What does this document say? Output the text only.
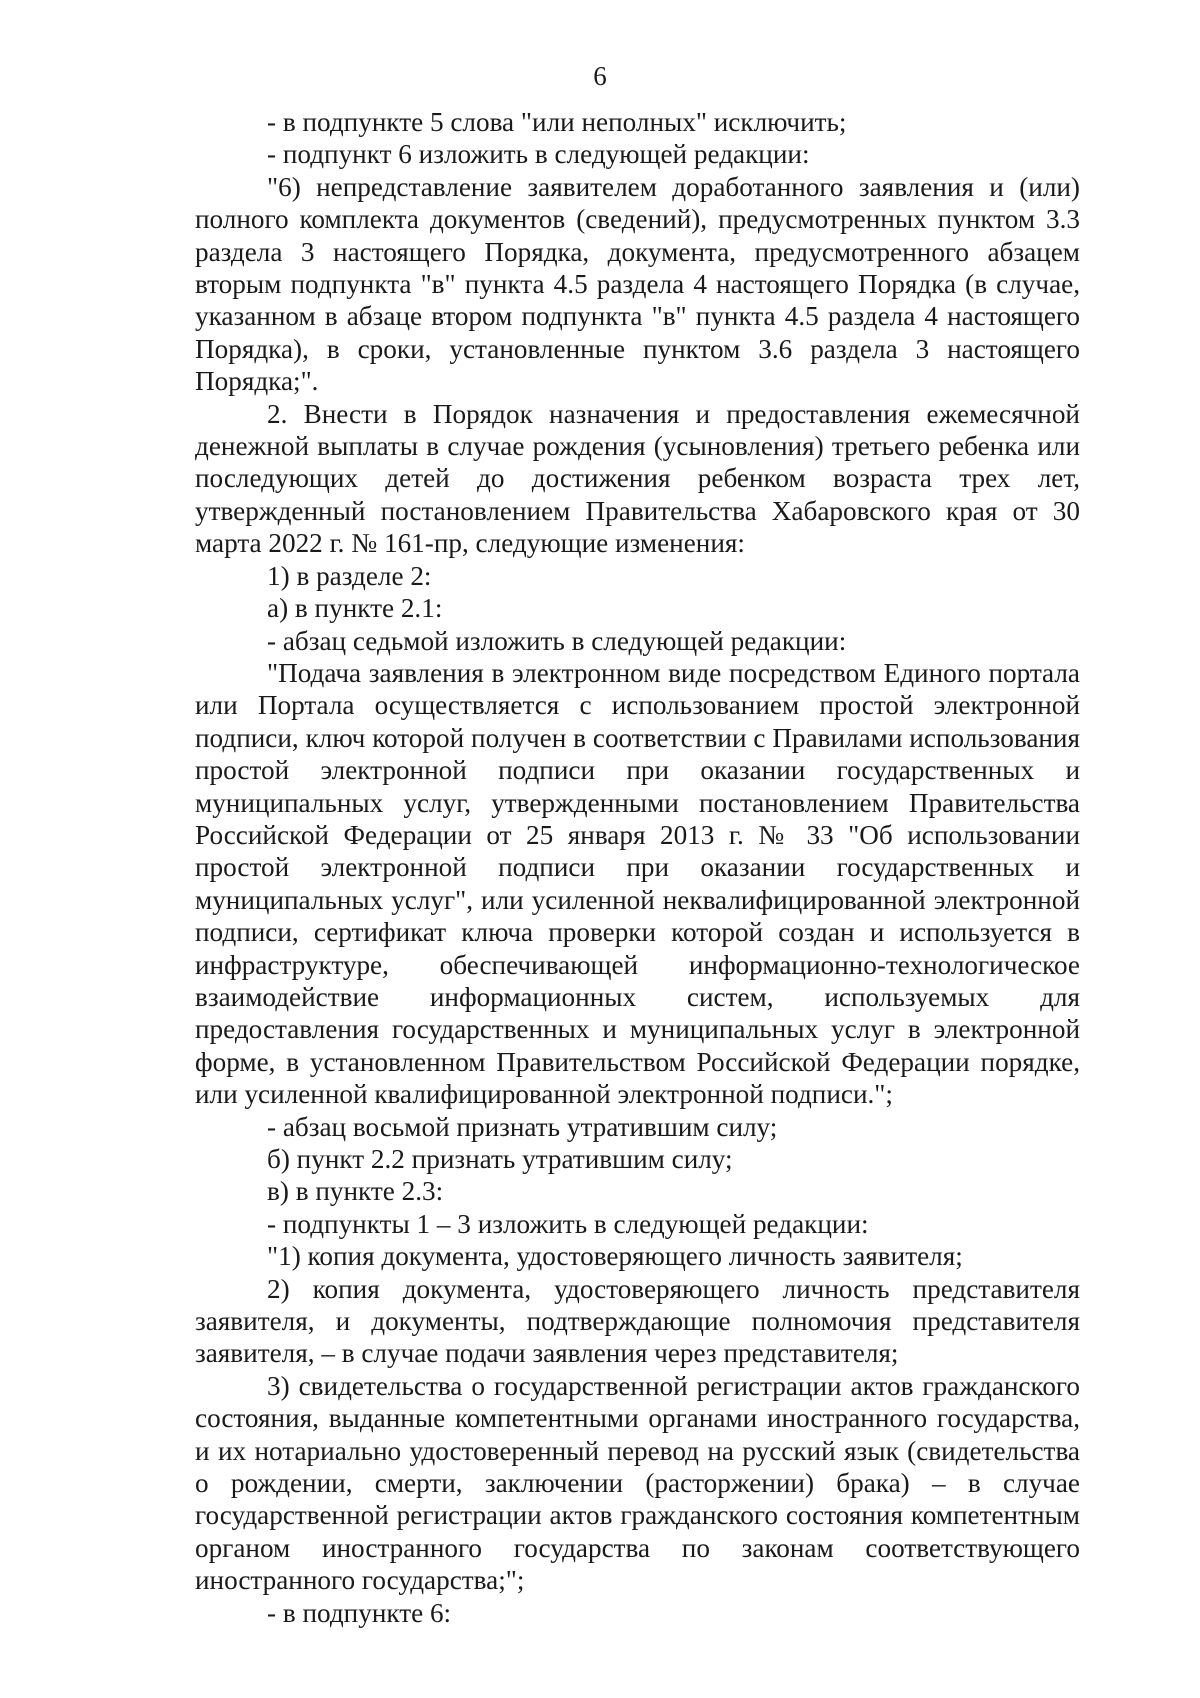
6

- в подпункте 5 слова "или неполных" исключить;

- подпункт 6 изложить в следующей редакции:

"6) непредставление заявителем доработанного заявления и (или) полного комплекта документов (сведений), предусмотренных пунктом 3.3 раздела 3 настоящего Порядка, документа, предусмотренного абзацем вторым подпункта "в" пункта 4.5 раздела 4 настоящего Порядка (в случае, указанном в абзаце втором подпункта "в" пункта 4.5 раздела 4 настоящего Порядка), в сроки, установленные пунктом 3.6 раздела 3 настоящего Порядка;".

2. Внести в Порядок назначения и предоставления ежемесячной денежной выплаты в случае рождения (усыновления) третьего ребенка или последующих детей до достижения ребенком возраста трех лет, утвержденный постановлением Правительства Хабаровского края от 30 марта 2022 г. № 161-пр, следующие изменения:

1) в разделе 2:

а) в пункте 2.1:

- абзац седьмой изложить в следующей редакции:

"Подача заявления в электронном виде посредством Единого портала или Портала осуществляется с использованием простой электронной подписи, ключ которой получен в соответствии с Правилами использования простой электронной подписи при оказании государственных и муниципальных услуг, утвержденными постановлением Правительства Российской Федерации от 25 января 2013 г. № 33 "Об использовании простой электронной подписи при оказании государственных и муниципальных услуг", или усиленной неквалифицированной электронной подписи, сертификат ключа проверки которой создан и используется в инфраструктуре, обеспечивающей информационно-технологическое взаимодействие информационных систем, используемых для предоставления государственных и муниципальных услуг в электронной форме, в установленном Правительством Российской Федерации порядке, или усиленной квалифицированной электронной подписи.";

- абзац восьмой признать утратившим силу;

б) пункт 2.2 признать утратившим силу;

в) в пункте 2.3:

- подпункты 1 – 3 изложить в следующей редакции:

"1) копия документа, удостоверяющего личность заявителя;

2) копия документа, удостоверяющего личность представителя заявителя, и документы, подтверждающие полномочия представителя заявителя, – в случае подачи заявления через представителя;

3) свидетельства о государственной регистрации актов гражданского состояния, выданные компетентными органами иностранного государства, и их нотариально удостоверенный перевод на русский язык (свидетельства о рождении, смерти, заключении (расторжении) брака) – в случае государственной регистрации актов гражданского состояния компетентным органом иностранного государства по законам соответствующего иностранного государства;";

- в подпункте 6:
